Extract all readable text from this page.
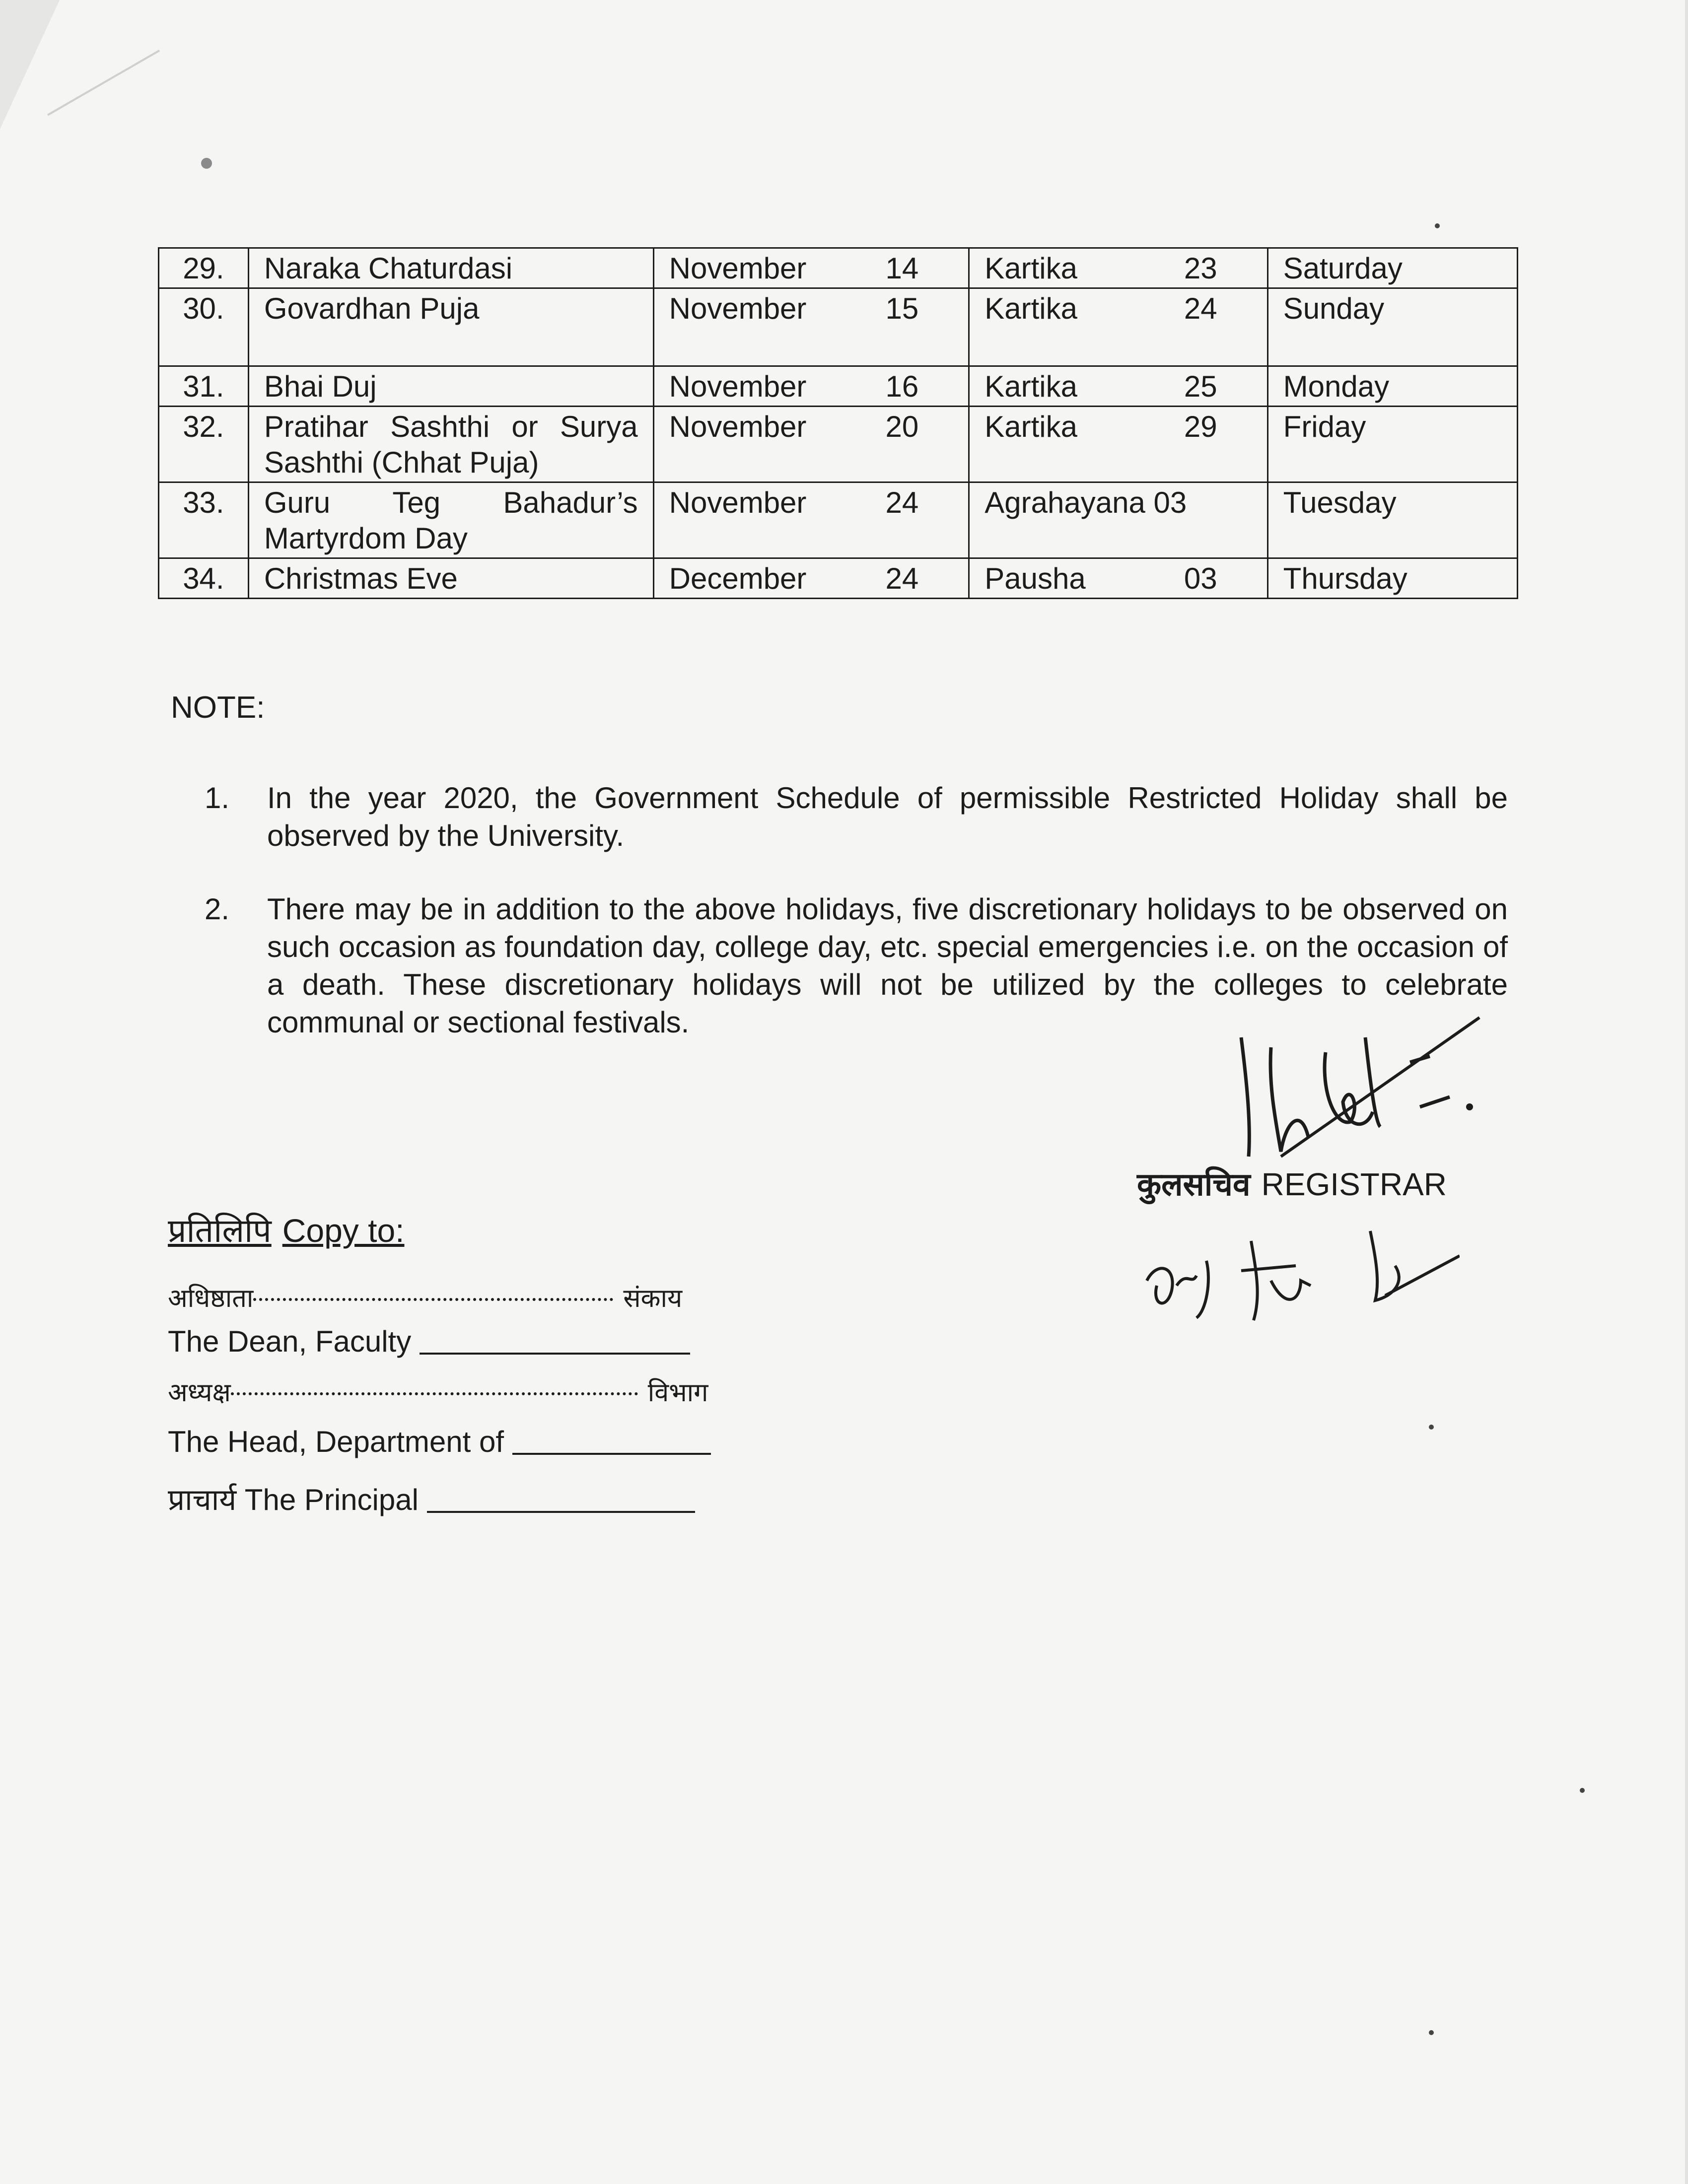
29.	Naraka Chaturdasi	November 14	Kartika 23	Saturday
30.	Govardhan Puja	November 15	Kartika 24	Sunday
31.	Bhai Duj	November 16	Kartika 25	Monday
32.	Pratihar Sashthi or Surya Sashthi (Chhat Puja)	November 20	Kartika 29	Friday
33.	Guru Teg Bahadur’s Martyrdom Day	November 24	Agrahayana 03	Tuesday
34.	Christmas Eve	December 24	Pausha 03	Thursday
NOTE:
1. In the year 2020, the Government Schedule of permissible Restricted Holiday shall be observed by the University.
2. There may be in addition to the above holidays, five discretionary holidays to be observed on such occasion as foundation day, college day, etc. special emergencies i.e. on the occasion of a death. These discretionary holidays will not be utilized by the colleges to celebrate communal or sectional festivals.
कुलसचिव REGISTRAR
प्रतिलिपि Copy to:
अधिष्ठाता	संकाय
The Dean, Faculty
अध्यक्ष	विभाग
The Head, Department of
प्राचार्य The Principal
